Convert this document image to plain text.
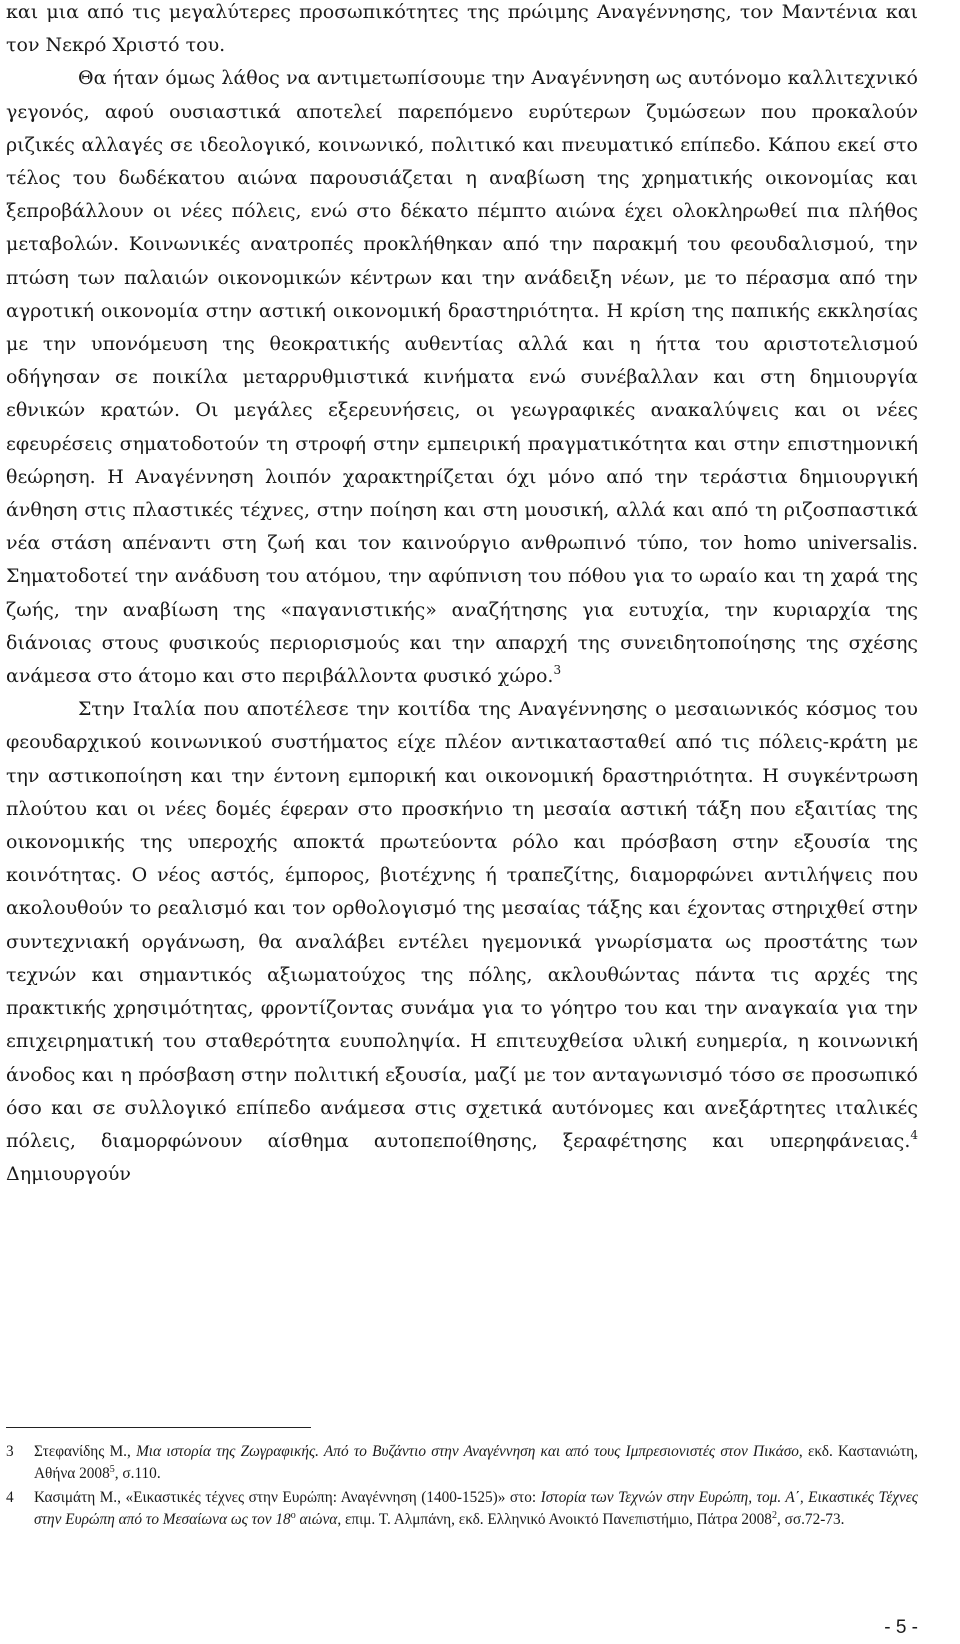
και μια από τις μεγαλύτερες προσωπικότητες της πρώιμης Αναγέννησης, τον Μαντένια και τον Νεκρό Χριστό του.

Θα ήταν όμως λάθος να αντιμετωπίσουμε την Αναγέννηση ως αυτόνομο καλλιτεχνικό γεγονός, αφού ουσιαστικά αποτελεί παρεπόμενο ευρύτερων ζυμώσεων που προκαλούν ριζικές αλλαγές σε ιδεολογικό, κοινωνικό, πολιτικό και πνευματικό επίπεδο. Κάπου εκεί στο τέλος του δωδέκατου αιώνα παρουσιάζεται η αναβίωση της χρηματικής οικονομίας και ξεπροβάλλουν οι νέες πόλεις, ενώ στο δέκατο πέμπτο αιώνα έχει ολοκληρωθεί πια πλήθος μεταβολών. Κοινωνικές ανατροπές προκλήθηκαν από την παρακμή του φεουδαλισμού, την πτώση των παλαιών οικονομικών κέντρων και την ανάδειξη νέων, με το πέρασμα από την αγροτική οικονομία στην αστική οικονομική δραστηριότητα. Η κρίση της παπικής εκκλησίας με την υπονόμευση της θεοκρατικής αυθεντίας αλλά και η ήττα του αριστοτελισμού οδήγησαν σε ποικίλα μεταρρυθμιστικά κινήματα ενώ συνέβαλλαν και στη δημιουργία εθνικών κρατών. Οι μεγάλες εξερευνήσεις, οι γεωγραφικές ανακαλύψεις και οι νέες εφευρέσεις σηματοδοτούν τη στροφή στην εμπειρική πραγματικότητα και στην επιστημονική θεώρηση. Η Αναγέννηση λοιπόν χαρακτηρίζεται όχι μόνο από την τεράστια δημιουργική άνθηση στις πλαστικές τέχνες, στην ποίηση και στη μουσική, αλλά και από τη ριζοσπαστικά νέα στάση απέναντι στη ζωή και τον καινούργιο ανθρωπινό τύπο, τον homo universalis. Σηματοδοτεί την ανάδυση του ατόμου, την αφύπνιση του πόθου για το ωραίο και τη χαρά της ζωής, την αναβίωση της «παγανιστικής» αναζήτησης για ευτυχία, την κυριαρχία της διάνοιας στους φυσικούς περιορισμούς και την απαρχή της συνειδητοποίησης της σχέσης ανάμεσα στο άτομο και στο περιβάλλοντα φυσικό χώρο.$^3$

Στην Ιταλία που αποτέλεσε την κοιτίδα της Αναγέννησης ο μεσαιωνικός κόσμος του φεουδαρχικού κοινωνικού συστήματος είχε πλέον αντικατασταθεί από τις πόλεις-κράτη με την αστικοποίηση και την έντονη εμπορική και οικονομική δραστηριότητα. Η συγκέντρωση πλούτου και οι νέες δομές έφεραν στο προσκήνιο τη μεσαία αστική τάξη που εξαιτίας της οικονομικής της υπεροχής αποκτά πρωτεύοντα ρόλο και πρόσβαση στην εξουσία της κοινότητας. Ο νέος αστός, έμπορος, βιοτέχνης ή τραπεζίτης, διαμορφώνει αντιλήψεις που ακολουθούν το ρεαλισμό και τον ορθολογισμό της μεσαίας τάξης και έχοντας στηριχθεί στην συντεχνιακή οργάνωση, θα αναλάβει εντέλει ηγεμονικά γνωρίσματα ως προστάτης των τεχνών και σημαντικός αξιωματούχος της πόλης, ακλουθώντας πάντα τις αρχές της πρακτικής χρησιμότητας, φροντίζοντας συνάμα για το γόητρο του και την αναγκαία για την επιχειρηματική του σταθερότητα ευυποληψία. Η επιτευχθείσα υλική ευημερία, η κοινωνική άνοδος και η πρόσβαση στην πολιτική εξουσία, μαζί με τον ανταγωνισμό τόσο σε προσωπικό όσο και σε συλλογικό επίπεδο ανάμεσα στις σχετικά αυτόνομες και ανεξάρτητες ιταλικές πόλεις, διαμορφώνουν αίσθημα αυτοπεποίθησης, ξεραφέτησης και υπερηφάνειας.$^4$ Δημιουργούν

3	Στεφανίδης Μ., Μια ιστορία της Ζωγραφικής. Από το Βυζάντιο στην Αναγέννηση και από τους Ιμπρεσιονιστές στον Πικάσο, εκδ. Καστανιώτη, Αθήνα 2008$^5$, σ.110.
4	Κασιμάτη Μ., «Εικαστικές τέχνες στην Ευρώπη: Αναγέννηση (1400-1525)» στο: Ιστορία των Τεχνών στην Ευρώπη, τομ. Α΄, Εικαστικές Τέχνες στην Ευρώπη από το Μεσαίωνα ως τον $18^o$ αιώνα, επιμ. Τ. Αλμπάνη, εκδ. Ελληνικό Ανοικτό Πανεπιστήμιο, Πάτρα 2008$^2$, σσ.72-73.
- 5 -
